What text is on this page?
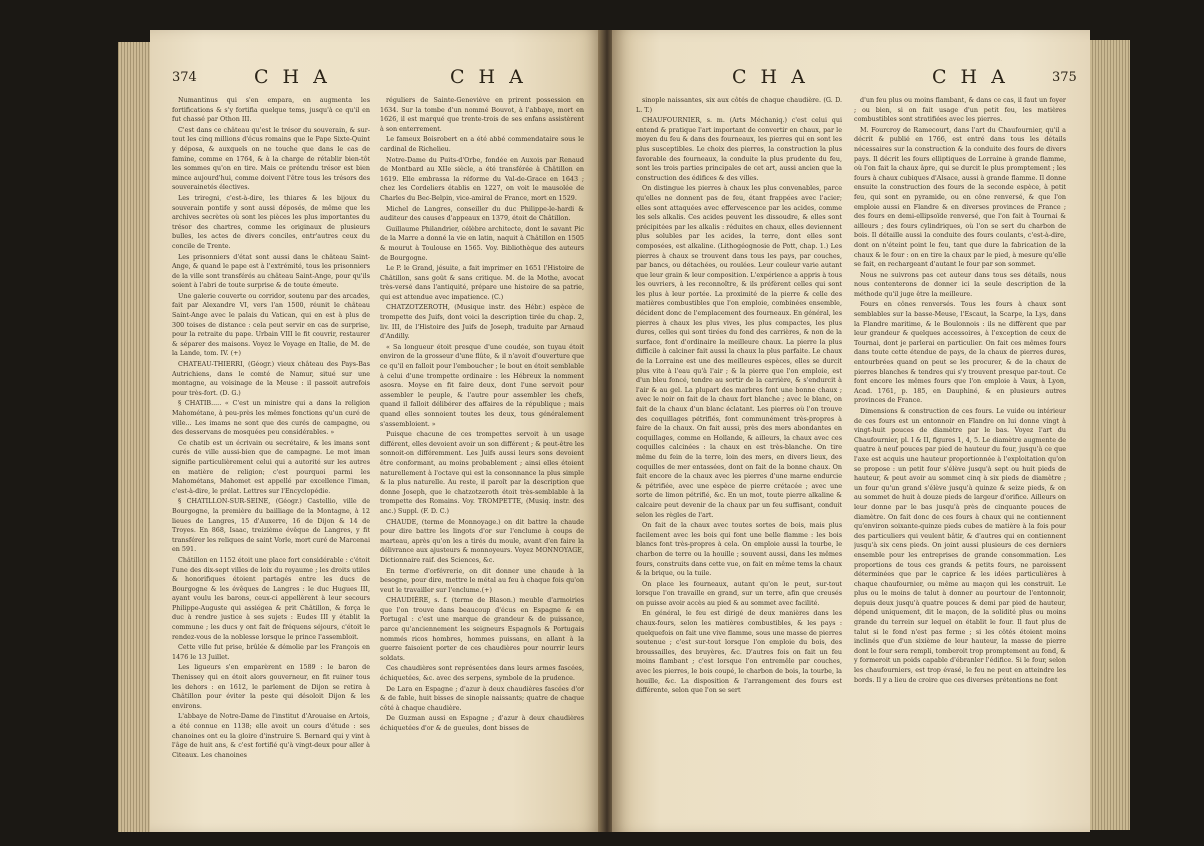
374	CHA	CHA

Numantinus qui s'en empara, en augmenta les fortifications & s'y fortifia quelque tems, jusqu'à ce qu'il en fut chassé par Othon III.

C'est dans ce château qu'est le trésor du souverain, & sur-tout les cinq millions d'écus romains que le Pape Sixte-Quint y déposa, & auxquels on ne touche que dans le cas de famine, comme en 1764, & à la charge de rétablir bien-tôt les sommes qu'on en tire. Mais ce prétendu trésor est bien mince aujourd'hui, comme doivent l'être tous les trésors des souverainetés électives.

Les triregni, c'est-à-dire, les thiares & les bijoux du souverain pontife y sont aussi déposés, de même que les archives secrètes où sont les pièces les plus importantes du trésor des chartres, comme les originaux de plusieurs bulles, les actes de divers conciles, entr'autres ceux du concile de Trente.

Les prisonniers d'état sont aussi dans le château Saint-Ange, & quand le pape est à l'extrémité, tous les prisonniers de la ville sont transférés au château Saint-Ange, pour qu'ils soient à l'abri de toute surprise & de toute émeute.

Une galerie couverte ou corridor, soutenu par des arcades, fait par Alexandre VI, vers l'an 1500, réunit le château Saint-Ange avec le palais du Vatican, qui en est à plus de 300 toises de distance : cela peut servir en cas de surprise, pour la retraite du pape. Urbain VIII le fit couvrir, restaurer & séparer des maisons. Voyez le Voyage en Italie, de M. de la Lande, tom. IV. (+)

CHATEAU-THIERRI, (Géogr.) vieux château des Pays-Bas Autrichiens, dans le comté de Namur, situé sur une montagne, au voisinage de la Meuse : il passoit autrefois pour très-fort. (D. G.)

§ CHATIB..... « C'est un ministre qui a dans la religion Mahométane, à peu-près les mêmes fonctions qu'un curé de ville... Les imams ne sont que des curés de campagne, ou des desservans de mosquées peu considérables. »

Ce chatib est un écrivain ou secrétaire, & les imans sont curés de ville aussi-bien que de campagne. Le mot iman signifie particulièrement celui qui a autorité sur les autres en matière de religion; c'est pourquoi parmi les Mahométans, Mahomet est appellé par excellence l'iman, c'est-à-dire, le prélat. Lettres sur l'Encyclopédie.

§ CHATILLON-SUR-SEINE, (Géogr.) Castellio, ville de Bourgogne, la première du bailliage de la Montagne, à 12 lieues de Langres, 15 d'Auxerre, 16 de Dijon & 14 de Troyes. En 868, Isaac, treizième évêque de Langres, y fit transférer les reliques de saint Vorle, mort curé de Marcenai en 591.

Châtillon en 1152 étoit une place fort considérable : c'étoit l'une des dix-sept villes de loix du royaume ; les droits utiles & honorifiques étoient partagés entre les ducs de Bourgogne & les évêques de Langres : le duc Hugues III, ayant voulu les barons, ceux-ci appellèrent à leur secours Philippe-Auguste qui assiégea & prit Châtillon, & força le duc à rendre justice à ses sujets : Eudes III y établit la commune ; les ducs y ont fait de fréquens séjours, c'étoit le rendez-vous de la noblesse lorsque le prince l'assembloit.

Cette ville fut prise, brûlée & démolie par les François en 1476 le 13 Juillet.

Les ligueurs s'en emparèrent en 1589 : le baron de Thenissey qui en étoit alors gouverneur, en fit ruiner tous les dehors : en 1612, le parlement de Dijon se retira à Châtillon pour éviter la peste qui désoloit Dijon & les environs.

L'abbaye de Notre-Dame de l'institut d'Arouaise en Artois, a été connue en 1138; elle avoit un cours d'étude : ses chanoines ont eu la gloire d'instruire S. Bernard qui y vint à l'âge de huit ans, & c'est fortifié qu'à vingt-deux pour aller à Citeaux. Les chanoines

réguliers de Sainte-Geneviève en prirent possession en 1634. Sur la tombe d'un nommé Bouvot, à l'abbaye, mort en 1626, il est marqué que trente-trois de ses enfans assistèrent à son enterrement.

Le fameux Boisrobert en a été abbé commendataire sous le cardinal de Richelieu.

Notre-Dame du Puits-d'Orbe, fondée en Auxois par Renaud de Montbard au XIIe siècle, a été transférée à Châtillon en 1619. Elle embrassa la réforme du Val-de-Grace en 1643 ; chez les Cordeliers établis en 1227, on voit le mausolée de Charles du Bec-Belpin, vice-amiral de France, mort en 1529.

Michel de Langres, conseiller du duc Philippe-le-hardi & auditeur des causes d'appeaux en 1379, étoit de Châtillon.

Guillaume Philandrier, célèbre architecte, dont le savant Pic de la Marre a donné la vie en latin, naquit à Châtillon en 1505 & mourut à Toulouse en 1565. Voy. Bibliothèque des auteurs de Bourgogne.

Le P. le Grand, jésuite, a fait imprimer en 1651 l'Histoire de Châtillon, sans goût & sans critique. M. de la Mothe, avocat très-versé dans l'antiquité, prépare une histoire de sa patrie, qui est attendue avec impatience. (C.)

CHATZOTZEROTH, (Musique instr. des Hébr.) espèce de trompette des Juifs, dont voici la description tirée du chap. 2, liv. III, de l'Histoire des Juifs de Joseph, traduite par Arnaud d'Andilly.

« Sa longueur étoit presque d'une coudée, son tuyau étoit environ de la grosseur d'une flûte, & il n'avoit d'ouverture que ce qu'il en falloit pour l'emboucher ; le bout en étoit semblable à celui d'une trompette ordinaire : les Hébreux la nomment asosra. Moyse en fit faire deux, dont l'une servoit pour assembler le peuple, & l'autre pour assembler les chefs, quand il falloit délibérer des affaires de la république ; mais quand elles sonnoient toutes les deux, tous généralement s'assembloient. »

Puisque chacune de ces trompettes servoit à un usage différent, elles devoient avoir un son différent ; & peut-être les sonnoit-on différemment. Les Juifs aussi leurs sons devoient être conformant, au moins probablement ; ainsi elles étoient naturellement à l'octave qui est la consonnance la plus simple & la plus naturelle. Au reste, il paroît par la description que donne Joseph, que le chatzotzeroth étoit très-semblable à la trompette des Romains. Voy. TROMPETTE, (Musiq. instr. des anc.) Suppl. (F. D. C.)

CHAUDE, (terme de Monnoyage.) on dit battre la chaude pour dire battre les lingots d'or sur l'enclume à coups de marteau, après qu'on les a tirés du moule, avant d'en faire la délivrance aux ajusteurs & monnoyeurs. Voyez MONNOYAGE, Dictionnaire raif. des Sciences, &c.

En terme d'orfévrerie, on dit donner une chaude à la besogne, pour dire, mettre le métal au feu à chaque fois qu'on veut le travailler sur l'enclume.(+)

CHAUDIÈRE, s. f. (terme de Blason.) meuble d'armoiries que l'on trouve dans beaucoup d'écus en Espagne & en Portugal : c'est une marque de grandeur & de puissance, parce qu'anciennement les seigneurs Espagnols & Portugais nommés ricos hombres, hommes puissans, en allant à la guerre faisoient porter de ces chaudières pour nourrir leurs soldats.

Ces chaudières sont représentées dans leurs armes fascées, échiquetées, &c. avec des serpens, symbole de la prudence.

De Lara en Espagne ; d'azur à deux chaudières fascées d'or & de fable, huit bisses de sinople naissants; quatre de chaque côté à chaque chaudière.

De Guzman aussi en Espagne ; d'azur à deux chaudières échiquetées d'or & de gueules, dont bisses de

CHA	CHA	375

sinople naissantes, six aux côtés de chaque chaudière. (G. D. L. T.)

CHAUFOURNIER, s. m. (Arts Méchaniq.) c'est celui qui entend & pratique l'art important de convertir en chaux, par le moyen du feu & dans des fourneaux, les pierres qui en sont les plus susceptibles. Le choix des pierres, la construction la plus favorable des fourneaux, la conduite la plus prudente du feu, sont les trois parties principales de cet art, aussi ancien que la construction des édifices & des villes.

On distingue les pierres à chaux les plus convenables, parce qu'elles ne donnent pas de feu, étant frappées avec l'acier; elles sont attaquées avec effervescence par les acides, comme les sels alkalis. Ces acides peuvent les dissoudre, & elles sont précipitées par les alkalis : réduites en chaux, elles deviennent plus solubles par les acides, la terre, dont elles sont composées, est alkaline. (Lithogéognosie de Pott, chap. 1.) Les pierres à chaux se trouvent dans tous les pays, par couches, par bancs, ou détachées, ou roulées. Leur couleur varie autant que leur grain & leur composition. L'expérience a appris à tous les ouvriers, à les reconnoître, & ils préfèrent celles qui sont les plus à leur portée. La proximité de la pierre & celle des matières combustibles que l'on emploie, combinées ensemble, décident donc de l'emplacement des fourneaux. En général, les pierres à chaux les plus vives, les plus compactes, les plus dures, celles qui sont tirées du fond des carrières, & non de la surface, font d'ordinaire la meilleure chaux. La pierre la plus difficile à calciner fait aussi la chaux la plus parfaite. Le chaux de la Lorraine est une des meilleures espèces, elles se durcit plus vite à l'eau qu'à l'air ; & la pierre que l'on emploie, est d'un bleu foncé, tendre au sortir de la carrière, & s'endurcit à l'air & au gel. La plupart des marbres font une bonne chaux ; avec le noir on fait de la chaux fort blanche ; avec le blanc, on fait de la chaux d'un blanc éclatant. Les pierres où l'on trouve des coquillages pétrifiés, font communément très-propres à faire de la chaux. On fait aussi, près des mers abondantes en coquillages, comme en Hollande, & ailleurs, la chaux avec ces coquilles calcinées : la chaux en est très-blanche. On tire même du fein de la terre, loin des mers, en divers lieux, des coquilles de mer entassées, dont on fait de la bonne chaux. On fait encore de la chaux avec les pierres d'une marne endurcie & pétrifiée, avec une espèce de pierre crétacée ; avec une sorte de limon pétrifié, &c. En un mot, toute pierre alkaline & calcaire peut devenir de la chaux par un feu suffisant, conduit selon les règles de l'art.

On fait de la chaux avec toutes sortes de bois, mais plus facilement avec les bois qui font une belle flamme : les bois blancs font très-propres à cela. On emploie aussi la tourbe, le charbon de terre ou la houille ; souvent aussi, dans les mêmes fours, construits dans cette vue, on fait en même tems la chaux & la brique, ou la tuile.

On place les fourneaux, autant qu'on le peut, sur-tout lorsque l'on travaille en grand, sur un terre, afin que creusés on puisse avoir accès au pied & au sommet avec facilité.

En général, le feu est dirigé de deux manières dans les chaux-fours, selon les matières combustibles, & les pays : quelquefois on fait une vive flamme, sous une masse de pierres soutenue ; c'est sur-tout lorsque l'on emploie du bois, des broussailles, des bruyères, &c. D'autres fois on fait un feu moins flambant ; c'est lorsque l'on entremêle par couches, avec les pierres, le bois coupé, le charbon de bois, la tourbe, la houille, &c. La disposition & l'arrangement des fours est différente, selon que l'on se sert

d'un feu plus ou moins flambant, & dans ce cas, il faut un foyer ; ou bien, si on fait usage d'un petit feu, les matières combustibles sont stratifiées avec les pierres.

M. Fourcroy de Ramecourt, dans l'art du Chaufournier, qu'il a décrit & publié en 1766, est entré dans tous les détails nécessaires sur la construction & la conduite des fours de divers pays. Il décrit les fours elliptiques de Lorraine à grande flamme, où l'on fait la chaux âpre, qui se durcit le plus promptement ; les fours à chaux cubiques d'Alsace, aussi à grande flamme. Il donne ensuite la construction des fours de la seconde espèce, à petit feu, qui sont en pyramide, ou en cône renversé, & que l'on emploie aussi en Flandre & en diverses provinces de France ; des fours en demi-ellipsoïde renversé, que l'on fait à Tournai & ailleurs ; des fours cylindriques, où l'on se sert du charbon de bois. Il détaille aussi la conduite des fours coulants, c'est-à-dire, dont on n'éteint point le feu, tant que dure la fabrication de la chaux & le four : on en tire la chaux par le pied, à mesure qu'elle se fait, en rechargeant d'autant le four par son sommet.

Nous ne suivrons pas cet auteur dans tous ses détails, nous nous contenterons de donner ici la seule description de la méthode qu'il juge être la meilleure.

Fours en cônes renversés. Tous les fours à chaux sont semblables sur la basse-Meuse, l'Escaut, la Scarpe, la Lys, dans la Flandre maritime, & le Boulonnois : ils ne diffèrent que par leur grandeur & quelques accessoires, à l'exception de ceux de Tournai, dont je parlerai en particulier. On fait ces mêmes fours dans toute cette étendue de pays, de la chaux de pierres dures, entourbrées quand on peut se les procurer, & de la chaux de pierres blanches & tendres qui s'y trouvent presque par-tout. Ce font encore les mêmes fours que l'on emploie à Vaux, à Lyon, Acad. 1761, p. 185, en Dauphiné, & en plusieurs autres provinces de France.

Dimensions & construction de ces fours. Le vuide ou intérieur de ces fours est un entonnoir en Flandre on lui donne vingt à vingt-huit pouces de diamètre par le bas. Voyez l'art du Chaufournier, pl. I & II, figures 1, 4, 5. Le diamètre augmente de quatre à neuf pouces par pied de hauteur du four, jusqu'à ce que l'axe est acquis une hauteur proportionnée à l'exploitation qu'on se propose : un petit four s'élève jusqu'à sept ou huit pieds de hauteur, & peut avoir au sommet cinq à six pieds de diamètre ; un four qu'un grand s'élève jusqu'à quinze & seize pieds, & on au sommet de huit à douze pieds de largeur d'orifice. Ailleurs on leur donne par le bas jusqu'à près de cinquante pouces de diamètre. On fait donc de ces fours à chaux qui ne contiennent qu'environ soixante-quinze pieds cubes de matière à la fois pour des particuliers qui veulent bâtir, & d'autres qui en contiennent jusqu'à six cens pieds. On joint aussi plusieurs de ces derniers ensemble pour les entreprises de grande consommation. Les proportions de tous ces grands & petits fours, ne paroissent déterminées que par le caprice & les idées particulières à chaque chaufournier, ou même au maçon qui les construit. Le plus ou le moins de talut à donner au pourtour de l'entonnoir, depuis deux jusqu'à quatre pouces & demi par pied de hauteur, dépend uniquement, dit le maçon, de la solidité plus ou moins grande du terrein sur lequel on établit le four. Il faut plus de talut si le fond n'est pas ferme ; si les côtés étoient moins inclinés que d'un sixième de leur hauteur, la masse de pierre dont le four sera rempli, tomberoit trop promptement au fond, & y formeroit un poids capable d'ébranler l'édifice. Si le four, selon les chaufourniers, est trop évasé, le feu ne peut en atteindre les bords. Il y a lieu de croire que ces diverses prétentions ne font
